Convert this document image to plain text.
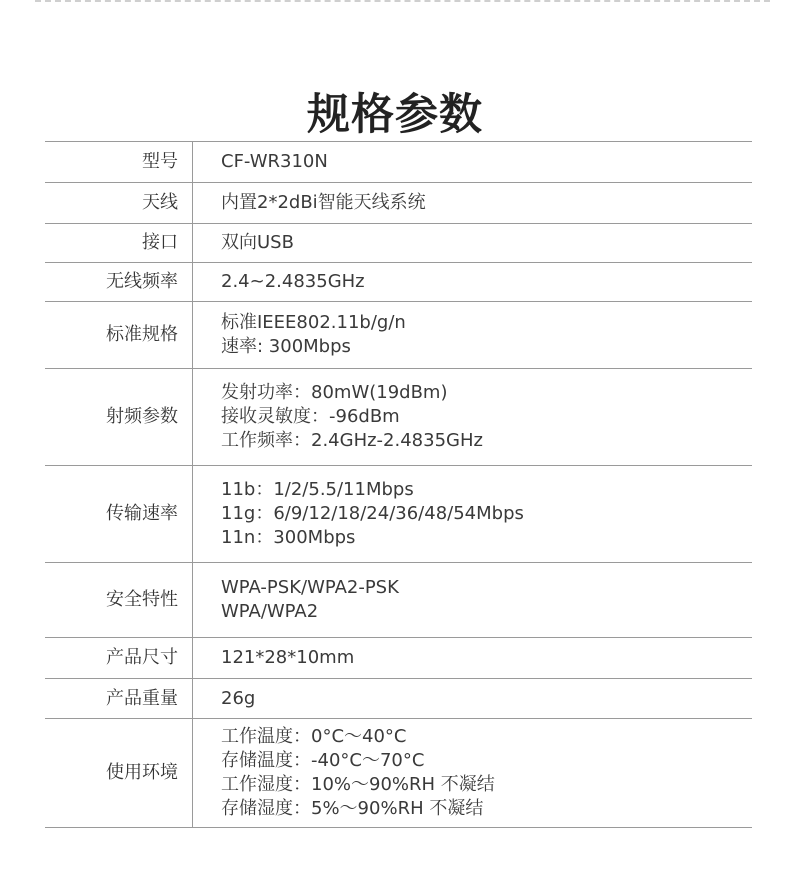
规格参数
型号	CF-WR310N

天线	内置2*2dBi智能天线系统

接口	双向USB

无线频率	2.4~2.4835GHz

标准规格	标准IEEE802.11b/g/n
速率: 300Mbps

射频参数	发射功率：80mW(19dBm)
接收灵敏度：-96dBm
工作频率：2.4GHz-2.4835GHz

传输速率	11b：1/2/5.5/11Mbps
11g：6/9/12/18/24/36/48/54Mbps
11n：300Mbps

安全特性	WPA-PSK/WPA2-PSK
WPA/WPA2

产品尺寸	121*28*10mm

产品重量	26g

使用环境	工作温度：0°C～40°C
存储温度：-40°C～70°C
工作湿度：10%～90%RH 不凝结
存储湿度：5%～90%RH 不凝结
